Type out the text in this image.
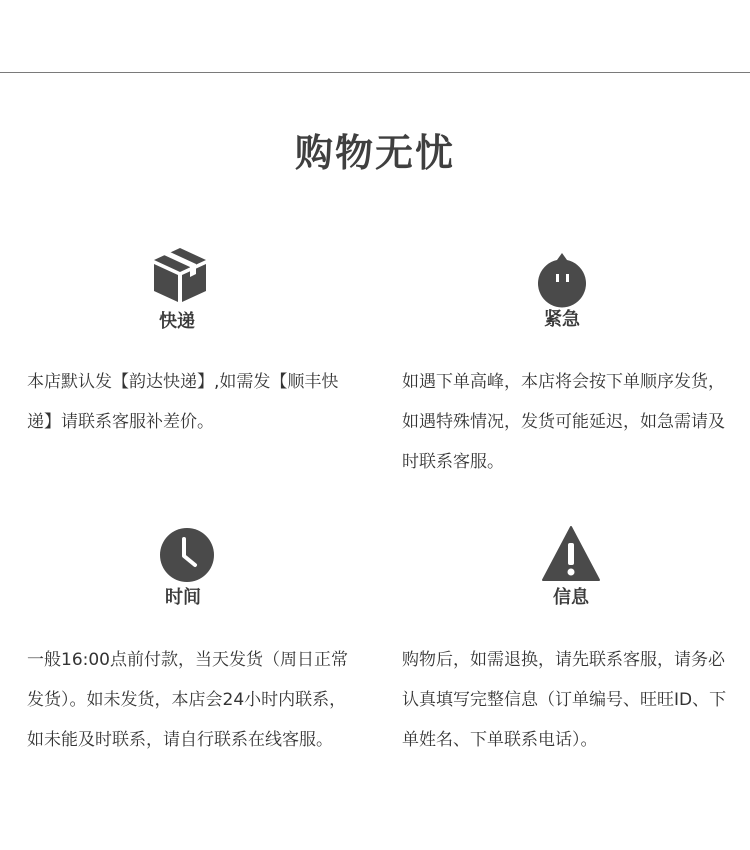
购物无忧
快递

本店默认发【韵达快递】,如需发【顺丰快递】请联系客服补差价。

紧急

如遇下单高峰，本店将会按下单顺序发货，如遇特殊情况，发货可能延迟，如急需请及时联系客服。

时间

一般16:00点前付款，当天发货（周日正常发货）。如未发货，本店会24小时内联系，如未能及时联系，请自行联系在线客服。

信息

购物后，如需退换，请先联系客服，请务必认真填写完整信息（订单编号、旺旺ID、下单姓名、下单联系电话）。
